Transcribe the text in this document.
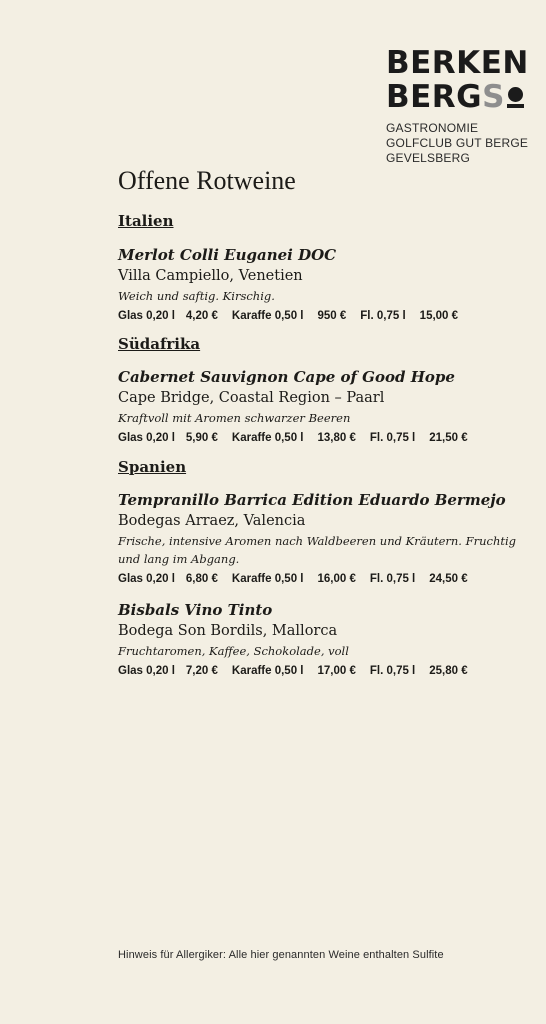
BERKEN
BERG S
GASTRONOMIE
GOLFCLUB GUT BERGE
GEVELSBERG
Offene Rotweine
Italien
Merlot Colli Euganei DOC
Villa Campiello, Venetien
Weich und saftig. Kirschig.
Glas 0,20 l 4,20 € Karaffe 0,50 l 950 € Fl. 0,75 l 15,00 €
Südafrika
Cabernet Sauvignon Cape of Good Hope
Cape Bridge, Coastal Region – Paarl
Kraftvoll mit Aromen schwarzer Beeren
Glas 0,20 l 5,90 € Karaffe 0,50 l 13,80 € Fl. 0,75 l 21,50 €
Spanien
Tempranillo Barrica Edition Eduardo Bermejo
Bodegas Arraez, Valencia
Frische, intensive Aromen nach Waldbeeren und Kräutern. Fruchtig
und lang im Abgang.
Glas 0,20 l 6,80 € Karaffe 0,50 l 16,00 € Fl. 0,75 l 24,50 €
Bisbals Vino Tinto
Bodega Son Bordils, Mallorca
Fruchtaromen, Kaffee, Schokolade, voll
Glas 0,20 l 7,20 € Karaffe 0,50 l 17,00 € Fl. 0,75 l 25,80 €
Hinweis für Allergiker: Alle hier genannten Weine enthalten Sulfite
